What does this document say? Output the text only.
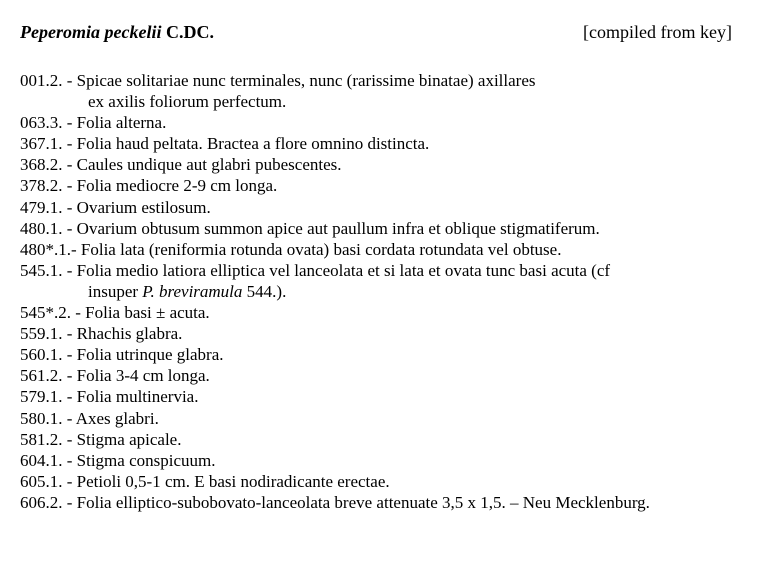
Peperomia peckelii C.DC.	[compiled from key]
001.2. - Spicae solitariae nunc terminales, nunc (rarissime binatae) axillares
ex axilis foliorum perfectum.
063.3. - Folia alterna.
367.1. - Folia haud peltata. Bractea a flore omnino distincta.
368.2. - Caules undique aut glabri pubescentes.
378.2. - Folia mediocre 2-9 cm longa.
479.1. - Ovarium estilosum.
480.1. - Ovarium obtusum summon apice aut paullum infra et oblique stigmatiferum.
480*.1.- Folia lata (reniformia rotunda ovata) basi cordata rotundata vel obtuse.
545.1. - Folia medio latiora elliptica vel lanceolata et si lata et ovata tunc basi acuta (cf
insuper P. breviramula 544.).
545*.2. - Folia basi ± acuta.
559.1. - Rhachis glabra.
560.1. - Folia utrinque glabra.
561.2. - Folia 3-4 cm longa.
579.1. - Folia multinervia.
580.1. - Axes glabri.
581.2. - Stigma apicale.
604.1. - Stigma conspicuum.
605.1. - Petioli 0,5-1 cm. E basi nodiradicante erectae.
606.2. - Folia elliptico-subobovato-lanceolata breve attenuate 3,5 x 1,5. – Neu Mecklenburg.
